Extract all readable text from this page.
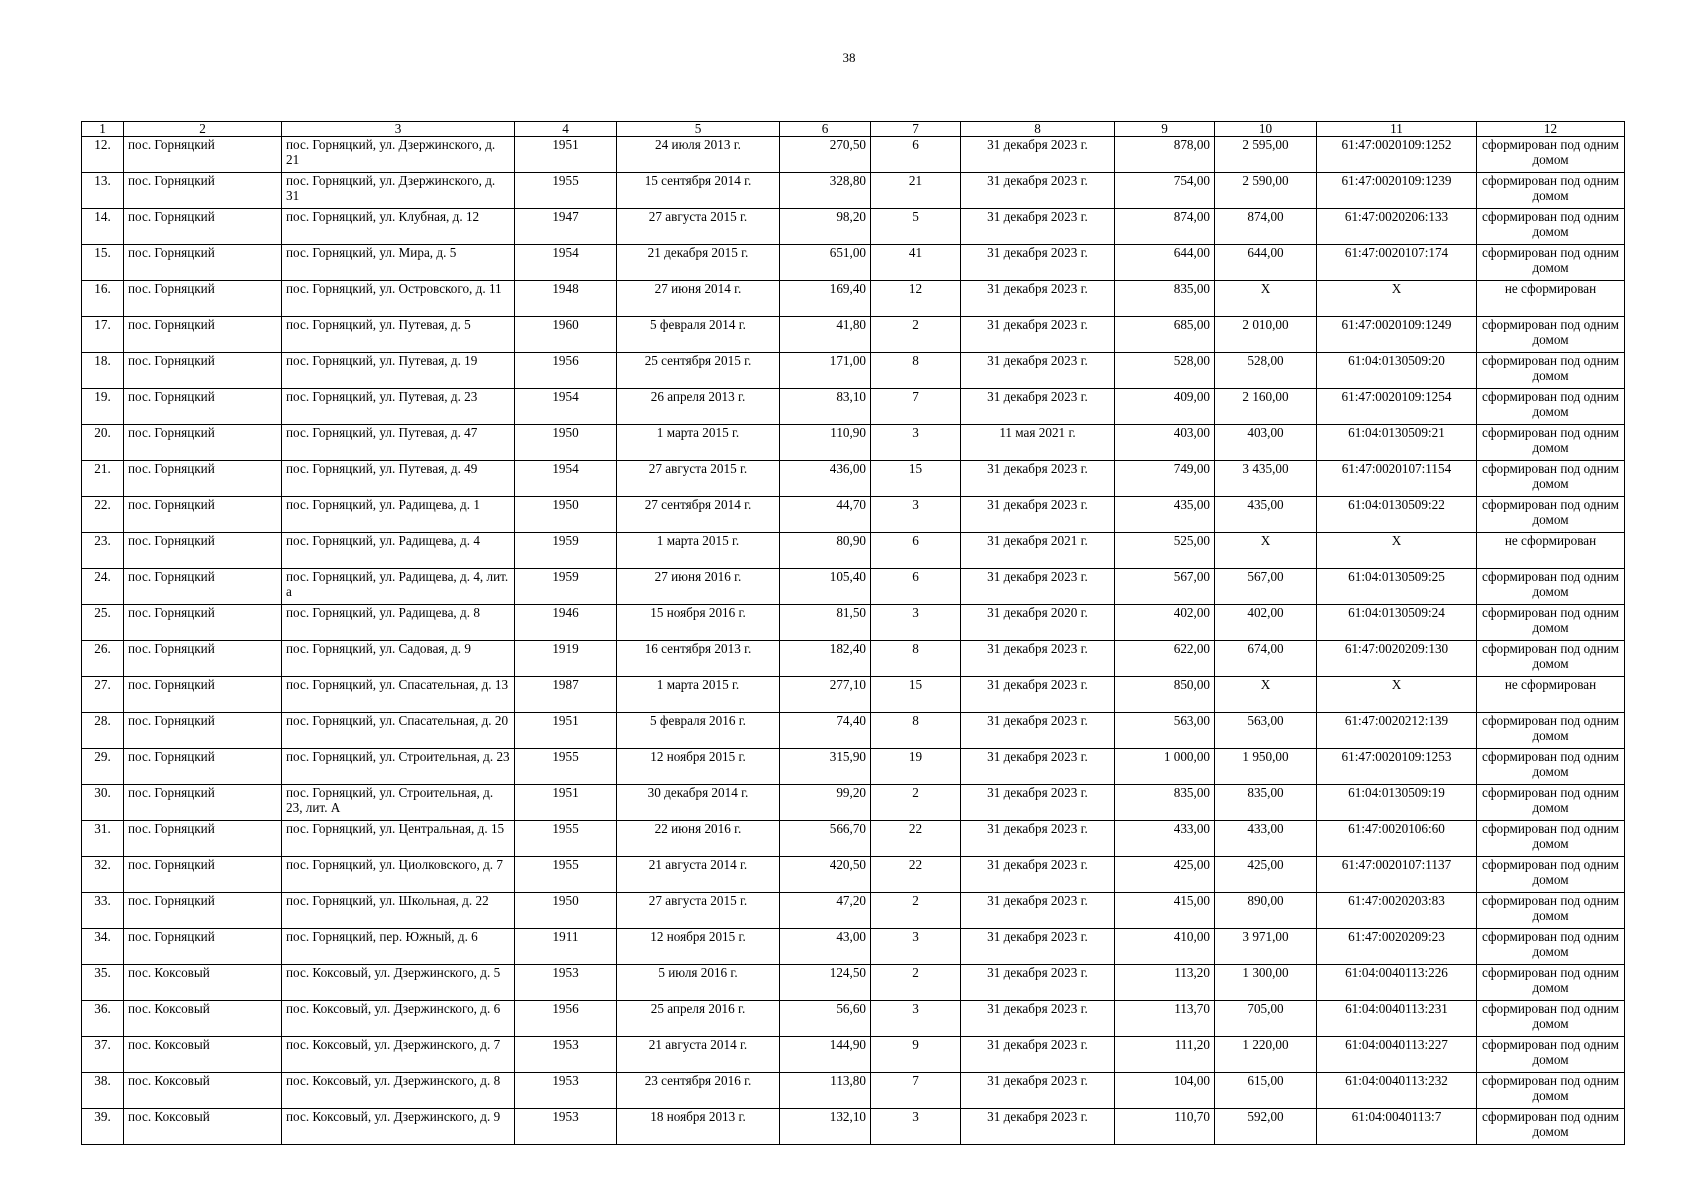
38
1	2	3	4	5	6	7	8	9	10	11	12
12.	пос. Горняцкий	пос. Горняцкий, ул. Дзержинского, д. 21	1951	24 июля 2013 г.	270,50	6	31 декабря 2023 г.	878,00	2 595,00	61:47:0020109:1252	сформирован под одним домом
13.	пос. Горняцкий	пос. Горняцкий, ул. Дзержинского, д. 31	1955	15 сентября 2014 г.	328,80	21	31 декабря 2023 г.	754,00	2 590,00	61:47:0020109:1239	сформирован под одним домом
14.	пос. Горняцкий	пос. Горняцкий, ул. Клубная, д. 12	1947	27 августа 2015 г.	98,20	5	31 декабря 2023 г.	874,00	874,00	61:47:0020206:133	сформирован под одним домом
15.	пос. Горняцкий	пос. Горняцкий, ул. Мира, д. 5	1954	21 декабря 2015 г.	651,00	41	31 декабря 2023 г.	644,00	644,00	61:47:0020107:174	сформирован под одним домом
16.	пос. Горняцкий	пос. Горняцкий, ул. Островского, д. 11	1948	27 июня 2014 г.	169,40	12	31 декабря 2023 г.	835,00	Х	Х	не сформирован
17.	пос. Горняцкий	пос. Горняцкий, ул. Путевая, д. 5	1960	5 февраля 2014 г.	41,80	2	31 декабря 2023 г.	685,00	2 010,00	61:47:0020109:1249	сформирован под одним домом
18.	пос. Горняцкий	пос. Горняцкий, ул. Путевая, д. 19	1956	25 сентября 2015 г.	171,00	8	31 декабря 2023 г.	528,00	528,00	61:04:0130509:20	сформирован под одним домом
19.	пос. Горняцкий	пос. Горняцкий, ул. Путевая, д. 23	1954	26 апреля 2013 г.	83,10	7	31 декабря 2023 г.	409,00	2 160,00	61:47:0020109:1254	сформирован под одним домом
20.	пос. Горняцкий	пос. Горняцкий, ул. Путевая, д. 47	1950	1 марта 2015 г.	110,90	3	11 мая 2021 г.	403,00	403,00	61:04:0130509:21	сформирован под одним домом
21.	пос. Горняцкий	пос. Горняцкий, ул. Путевая, д. 49	1954	27 августа 2015 г.	436,00	15	31 декабря 2023 г.	749,00	3 435,00	61:47:0020107:1154	сформирован под одним домом
22.	пос. Горняцкий	пос. Горняцкий, ул. Радищева, д. 1	1950	27 сентября 2014 г.	44,70	3	31 декабря 2023 г.	435,00	435,00	61:04:0130509:22	сформирован под одним домом
23.	пос. Горняцкий	пос. Горняцкий, ул. Радищева, д. 4	1959	1 марта 2015 г.	80,90	6	31 декабря 2021 г.	525,00	Х	Х	не сформирован
24.	пос. Горняцкий	пос. Горняцкий, ул. Радищева, д. 4, лит. а	1959	27 июня 2016 г.	105,40	6	31 декабря 2023 г.	567,00	567,00	61:04:0130509:25	сформирован под одним домом
25.	пос. Горняцкий	пос. Горняцкий, ул. Радищева, д. 8	1946	15 ноября 2016 г.	81,50	3	31 декабря 2020 г.	402,00	402,00	61:04:0130509:24	сформирован под одним домом
26.	пос. Горняцкий	пос. Горняцкий, ул. Садовая, д. 9	1919	16 сентября 2013 г.	182,40	8	31 декабря 2023 г.	622,00	674,00	61:47:0020209:130	сформирован под одним домом
27.	пос. Горняцкий	пос. Горняцкий, ул. Спасательная, д. 13	1987	1 марта 2015 г.	277,10	15	31 декабря 2023 г.	850,00	Х	Х	не сформирован
28.	пос. Горняцкий	пос. Горняцкий, ул. Спасательная, д. 20	1951	5 февраля 2016 г.	74,40	8	31 декабря 2023 г.	563,00	563,00	61:47:0020212:139	сформирован под одним домом
29.	пос. Горняцкий	пос. Горняцкий, ул. Строительная, д. 23	1955	12 ноября 2015 г.	315,90	19	31 декабря 2023 г.	1 000,00	1 950,00	61:47:0020109:1253	сформирован под одним домом
30.	пос. Горняцкий	пос. Горняцкий, ул. Строительная, д. 23, лит. А	1951	30 декабря 2014 г.	99,20	2	31 декабря 2023 г.	835,00	835,00	61:04:0130509:19	сформирован под одним домом
31.	пос. Горняцкий	пос. Горняцкий, ул. Центральная, д. 15	1955	22 июня 2016 г.	566,70	22	31 декабря 2023 г.	433,00	433,00	61:47:0020106:60	сформирован под одним домом
32.	пос. Горняцкий	пос. Горняцкий, ул. Циолковского, д. 7	1955	21 августа 2014 г.	420,50	22	31 декабря 2023 г.	425,00	425,00	61:47:0020107:1137	сформирован под одним домом
33.	пос. Горняцкий	пос. Горняцкий, ул. Школьная, д. 22	1950	27 августа 2015 г.	47,20	2	31 декабря 2023 г.	415,00	890,00	61:47:0020203:83	сформирован под одним домом
34.	пос. Горняцкий	пос. Горняцкий, пер. Южный, д. 6	1911	12 ноября 2015 г.	43,00	3	31 декабря 2023 г.	410,00	3 971,00	61:47:0020209:23	сформирован под одним домом
35.	пос. Коксовый	пос. Коксовый, ул. Дзержинского, д. 5	1953	5 июля 2016 г.	124,50	2	31 декабря 2023 г.	113,20	1 300,00	61:04:0040113:226	сформирован под одним домом
36.	пос. Коксовый	пос. Коксовый, ул. Дзержинского, д. 6	1956	25 апреля 2016 г.	56,60	3	31 декабря 2023 г.	113,70	705,00	61:04:0040113:231	сформирован под одним домом
37.	пос. Коксовый	пос. Коксовый, ул. Дзержинского, д. 7	1953	21 августа 2014 г.	144,90	9	31 декабря 2023 г.	111,20	1 220,00	61:04:0040113:227	сформирован под одним домом
38.	пос. Коксовый	пос. Коксовый, ул. Дзержинского, д. 8	1953	23 сентября 2016 г.	113,80	7	31 декабря 2023 г.	104,00	615,00	61:04:0040113:232	сформирован под одним домом
39.	пос. Коксовый	пос. Коксовый, ул. Дзержинского, д. 9	1953	18 ноября 2013 г.	132,10	3	31 декабря 2023 г.	110,70	592,00	61:04:0040113:7	сформирован под одним домом
